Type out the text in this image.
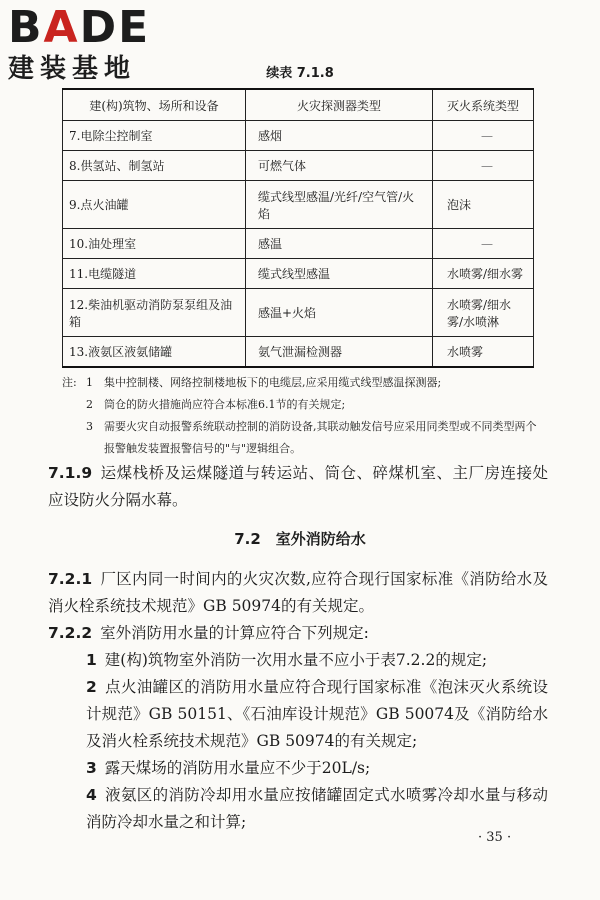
BADE
建装基地	续表 7.1.8
建(构)筑物、场所和设备	火灾探测器类型	灭火系统类型
7.电除尘控制室	感烟	—
8.供氢站、制氢站	可燃气体	—
9.点火油罐	缆式线型感温/光纤/空气管/火焰	泡沫
10.油处理室	感温	—
11.电缆隧道	缆式线型感温	水喷雾/细水雾
12.柴油机驱动消防泵泵组及油箱	感温+火焰	水喷雾/细水雾/水喷淋
13.液氨区液氨储罐	氨气泄漏检测器	水喷雾
注: 1	集中控制楼、网络控制楼地板下的电缆层,应采用缆式线型感温探测器;
2	筒仓的防火措施尚应符合本标准6.1节的有关规定;
3	需要火灾自动报警系统联动控制的消防设备,其联动触发信号应采用同类型或不同类型两个报警触发装置报警信号的"与"逻辑组合。
7.1.9 运煤栈桥及运煤隧道与转运站、筒仓、碎煤机室、主厂房连接处应设防火分隔水幕。
7.2　室外消防给水
7.2.1 厂区内同一时间内的火灾次数,应符合现行国家标准《消防给水及消火栓系统技术规范》GB 50974的有关规定。
7.2.2 室外消防用水量的计算应符合下列规定:
1 建(构)筑物室外消防一次用水量不应小于表7.2.2的规定;
2 点火油罐区的消防用水量应符合现行国家标准《泡沫灭火系统设计规范》GB 50151、《石油库设计规范》GB 50074及《消防给水及消火栓系统技术规范》GB 50974的有关规定;
3 露天煤场的消防用水量应不少于20L/s;
4 液氨区的消防冷却用水量应按储罐固定式水喷雾冷却水量与移动消防冷却水量之和计算;
· 35 ·
